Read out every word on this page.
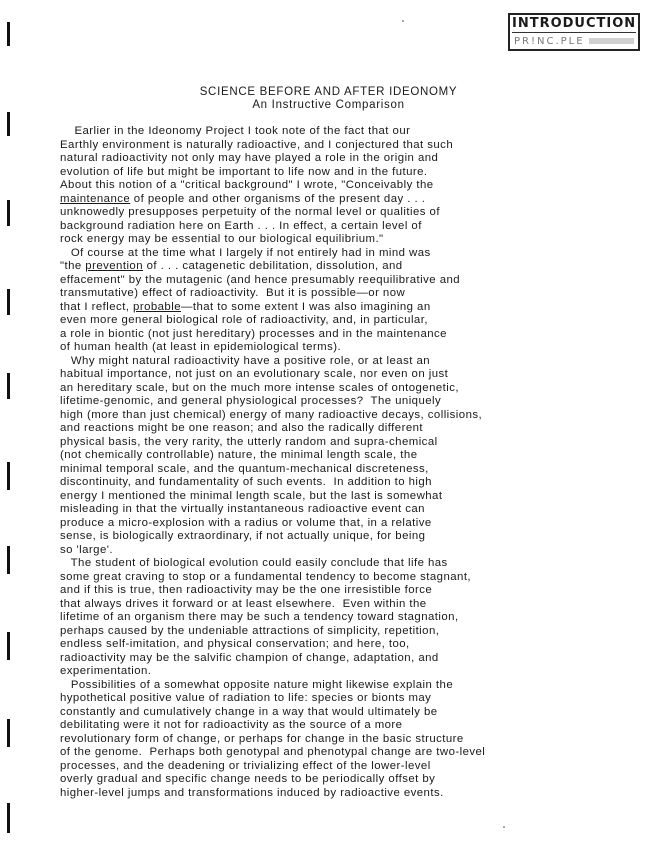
INTRODUCTION
PR!NC.PLE
SCIENCE BEFORE AND AFTER IDEONOMY
An Instructive Comparison
Earlier in the Ideonomy Project I took note of the fact that our
Earthly environment is naturally radioactive, and I conjectured that such
natural radioactivity not only may have played a role in the origin and
evolution of life but might be important to life now and in the future.
About this notion of a "critical background" I wrote, "Conceivably the
maintenance of people and other organisms of the present day . . .
unknowedly presupposes perpetuity of the normal level or qualities of
background radiation here on Earth . . . In effect, a certain level of
rock energy may be essential to our biological equilibrium."
Of course at the time what I largely if not entirely had in mind was
"the prevention of . . . catagenetic debilitation, dissolution, and
effacement" by the mutagenic (and hence presumably reequilibrative and
transmutative) effect of radioactivity.  But it is possible—or now
that I reflect, probable—that to some extent I was also imagining an
even more general biological role of radioactivity, and, in particular,
a role in biontic (not just hereditary) processes and in the maintenance
of human health (at least in epidemiological terms).
Why might natural radioactivity have a positive role, or at least an
habitual importance, not just on an evolutionary scale, nor even on just
an hereditary scale, but on the much more intense scales of ontogenetic,
lifetime-genomic, and general physiological processes?  The uniquely
high (more than just chemical) energy of many radioactive decays, collisions,
and reactions might be one reason; and also the radically different
physical basis, the very rarity, the utterly random and supra-chemical
(not chemically controllable) nature, the minimal length scale, the
minimal temporal scale, and the quantum-mechanical discreteness,
discontinuity, and fundamentality of such events.  In addition to high
energy I mentioned the minimal length scale, but the last is somewhat
misleading in that the virtually instantaneous radioactive event can
produce a micro-explosion with a radius or volume that, in a relative
sense, is biologically extraordinary, if not actually unique, for being
so 'large'.
The student of biological evolution could easily conclude that life has
some great craving to stop or a fundamental tendency to become stagnant,
and if this is true, then radioactivity may be the one irresistible force
that always drives it forward or at least elsewhere.  Even within the
lifetime of an organism there may be such a tendency toward stagnation,
perhaps caused by the undeniable attractions of simplicity, repetition,
endless self-imitation, and physical conservation; and here, too,
radioactivity may be the salvific champion of change, adaptation, and
experimentation.
Possibilities of a somewhat opposite nature might likewise explain the
hypothetical positive value of radiation to life: species or bionts may
constantly and cumulatively change in a way that would ultimately be
debilitating were it not for radioactivity as the source of a more
revolutionary form of change, or perhaps for change in the basic structure
of the genome.  Perhaps both genotypal and phenotypal change are two-level
processes, and the deadening or trivializing effect of the lower-level
overly gradual and specific change needs to be periodically offset by
higher-level jumps and transformations induced by radioactive events.
